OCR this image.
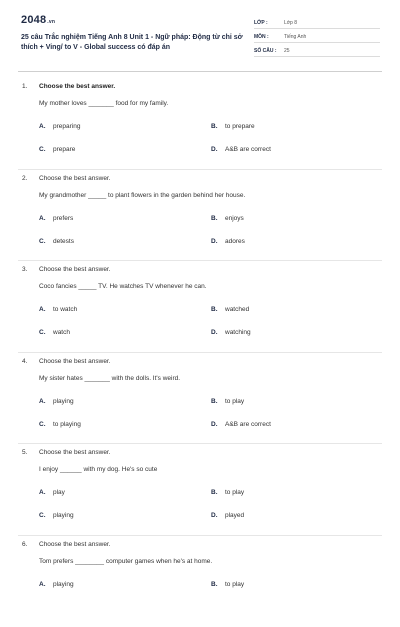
2048.vn
25 câu Trắc nghiệm Tiếng Anh 8 Unit 1 - Ngữ pháp: Động từ chỉ sở thích + Ving/ to V - Global success có đáp án
LỚP :	Lớp 8
MÔN :	Tiếng Anh
SỐ CÂU :	25
1.	Choose the best answer.
My mother loves _______ food for my family.
A.	preparing	B.	to prepare
C.	prepare	D.	A&B are correct
2.	Choose the best answer.
My grandmother _____ to plant flowers in the garden behind her house.
A.	prefers	B.	enjoys
C.	detests	D.	adores
3.	Choose the best answer.
Coco fancies _____ TV. He watches TV whenever he can.
A.	to watch	B.	watched
C.	watch	D.	watching
4.	Choose the best answer.
My sister hates _______ with the dolls. It's weird.
A.	playing	B.	to play
C.	to playing	D.	A&B are correct
5.	Choose the best answer.
I enjoy ______ with my dog. He's so cute
A.	play	B.	to play
C.	playing	D.	played
6.	Choose the best answer.
Tom prefers ________ computer games when he's at home.
A.	playing	B.	to play
